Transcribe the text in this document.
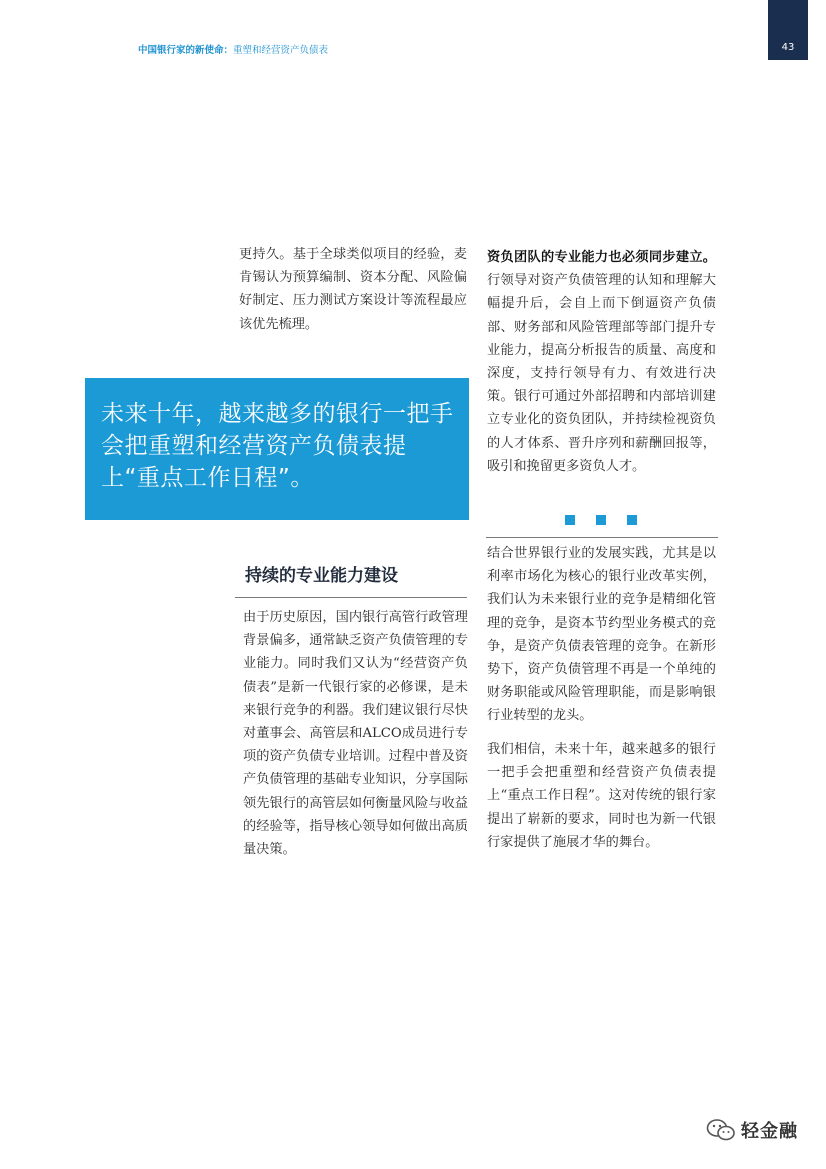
43
中国银行家的新使命：重塑和经营资产负债表

更持久。基于全球类似项目的经验，麦肯锡认为预算编制、资本分配、风险偏好制定、压力测试方案设计等流程最应该优先梳理。

未来十年，越来越多的银行一把手会把重塑和经营资产负债表提上“重点工作日程”。
持续的专业能力建设

由于历史原因，国内银行高管行政管理背景偏多，通常缺乏资产负债管理的专业能力。同时我们又认为“经营资产负债表”是新一代银行家的必修课，是未来银行竞争的利器。我们建议银行尽快对董事会、高管层和ALCO成员进行专项的资产负债专业培训。过程中普及资产负债管理的基础专业知识，分享国际领先银行的高管层如何衡量风险与收益的经验等，指导核心领导如何做出高质量决策。

资负团队的专业能力也必须同步建立。行领导对资产负债管理的认知和理解大幅提升后，会自上而下倒逼资产负债部、财务部和风险管理部等部门提升专业能力，提高分析报告的质量、高度和深度，支持行领导有力、有效进行决策。银行可通过外部招聘和内部培训建立专业化的资负团队，并持续检视资负的人才体系、晋升序列和薪酬回报等，吸引和挽留更多资负人才。

结合世界银行业的发展实践，尤其是以利率市场化为核心的银行业改革实例，我们认为未来银行业的竞争是精细化管理的竞争，是资本节约型业务模式的竞争，是资产负债表管理的竞争。在新形势下，资产负债管理不再是一个单纯的财务职能或风险管理职能，而是影响银行业转型的龙头。

我们相信，未来十年，越来越多的银行一把手会把重塑和经营资产负债表提上“重点工作日程”。这对传统的银行家提出了崭新的要求，同时也为新一代银行家提供了施展才华的舞台。

轻金融
